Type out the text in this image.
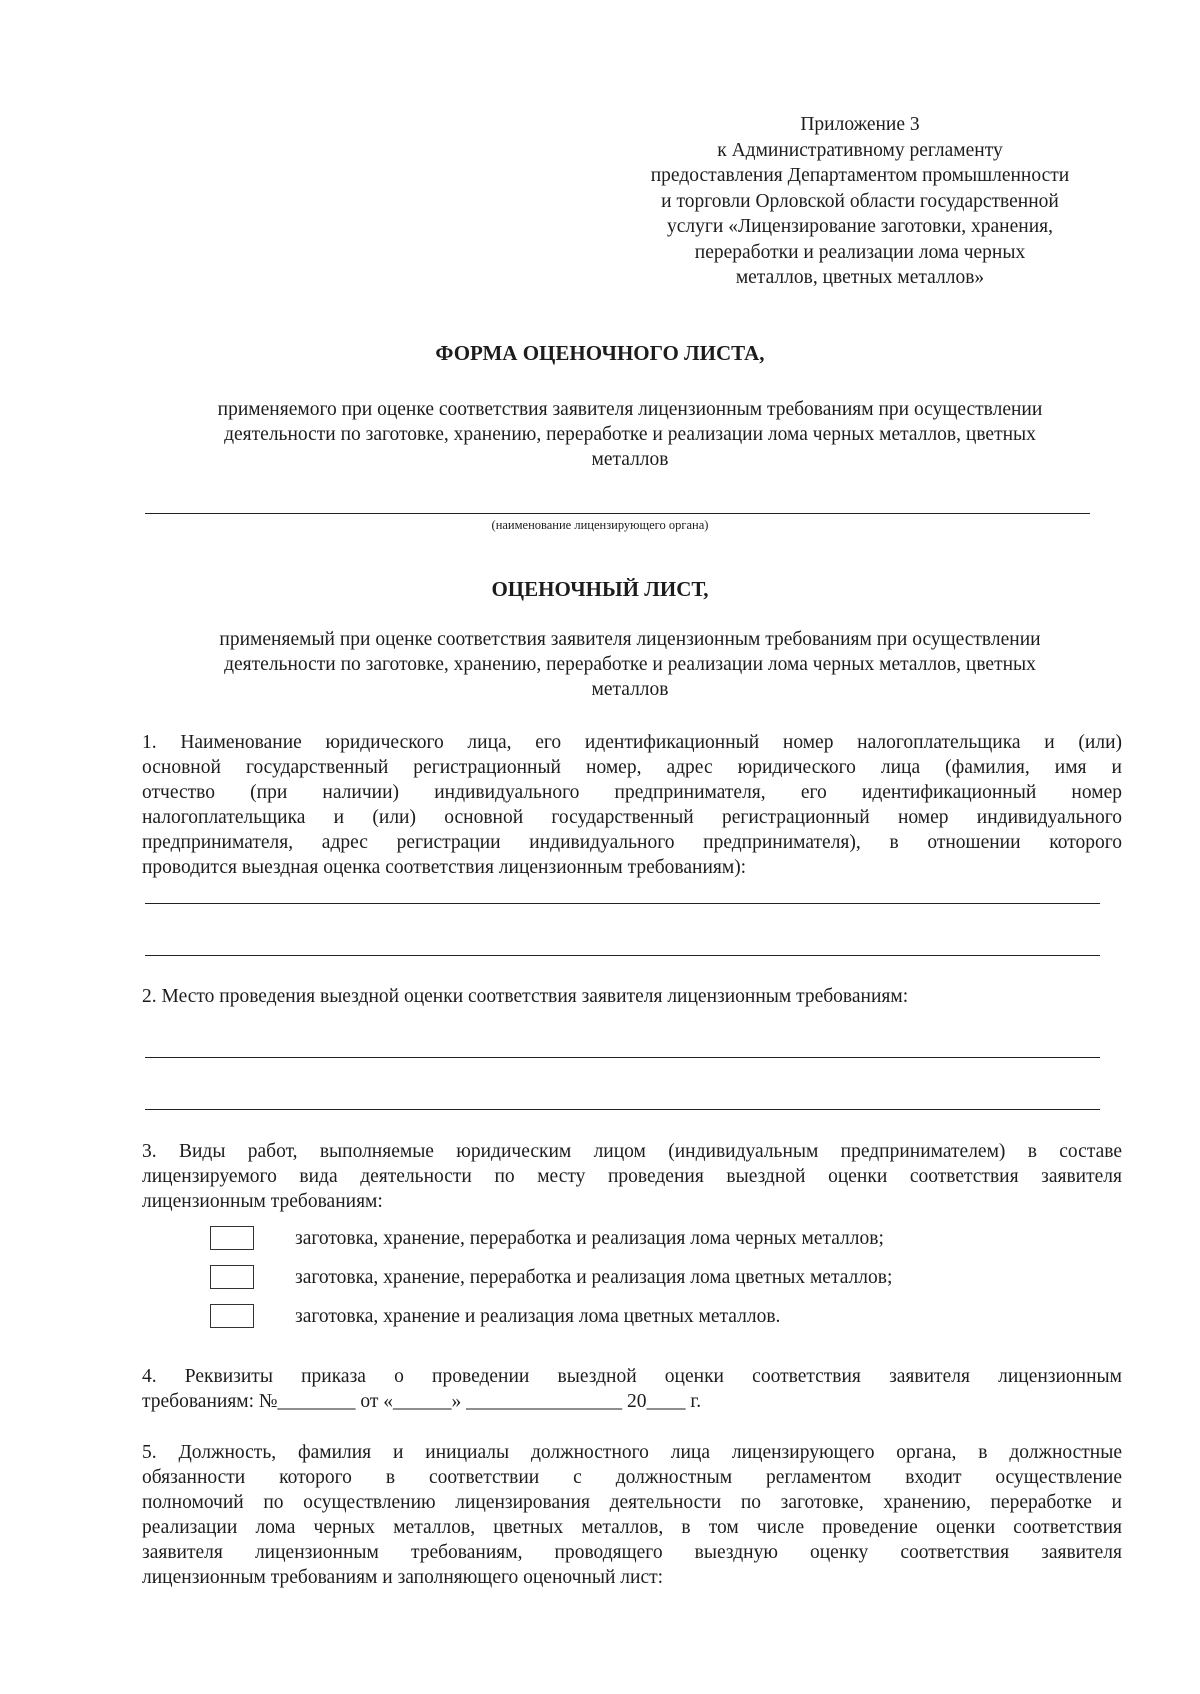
Приложение 3
к Административному регламенту
предоставления Департаментом промышленности
и торговли Орловской области государственной
услуги «Лицензирование заготовки, хранения,
переработки и реализации лома черных
металлов, цветных металлов»
ФОРМА ОЦЕНОЧНОГО ЛИСТА,
применяемого при оценке соответствия заявителя лицензионным требованиям при осуществлении
деятельности по заготовке, хранению, переработке и реализации лома черных металлов, цветных
металлов
(наименование лицензирующего органа)
ОЦЕНОЧНЫЙ ЛИСТ,
применяемый при оценке соответствия заявителя лицензионным требованиям при осуществлении
деятельности по заготовке, хранению, переработке и реализации лома черных металлов, цветных
металлов
1. Наименование юридического лица, его идентификационный номер налогоплательщика и (или)
основной государственный регистрационный номер, адрес юридического лица (фамилия, имя и
отчество (при наличии) индивидуального предпринимателя, его идентификационный номер
налогоплательщика и (или) основной государственный регистрационный номер индивидуального
предпринимателя, адрес регистрации индивидуального предпринимателя), в отношении которого
проводится выездная оценка соответствия лицензионным требованиям):
2. Место проведения выездной оценки соответствия заявителя лицензионным требованиям:
3. Виды работ, выполняемые юридическим лицом (индивидуальным предпринимателем) в составе
лицензируемого вида деятельности по месту проведения выездной оценки соответствия заявителя
лицензионным требованиям:
заготовка, хранение, переработка и реализация лома черных металлов;
заготовка, хранение, переработка и реализация лома цветных металлов;
заготовка, хранение и реализация лома цветных металлов.
4. Реквизиты приказа о проведении выездной оценки соответствия заявителя лицензионным
требованиям: №________ от «______» ________________ 20____ г.
5. Должность, фамилия и инициалы должностного лица лицензирующего органа, в должностные
обязанности которого в соответствии с должностным регламентом входит осуществление
полномочий по осуществлению лицензирования деятельности по заготовке, хранению, переработке и
реализации лома черных металлов, цветных металлов, в том числе проведение оценки соответствия
заявителя лицензионным требованиям, проводящего выездную оценку соответствия заявителя
лицензионным требованиям и заполняющего оценочный лист:
